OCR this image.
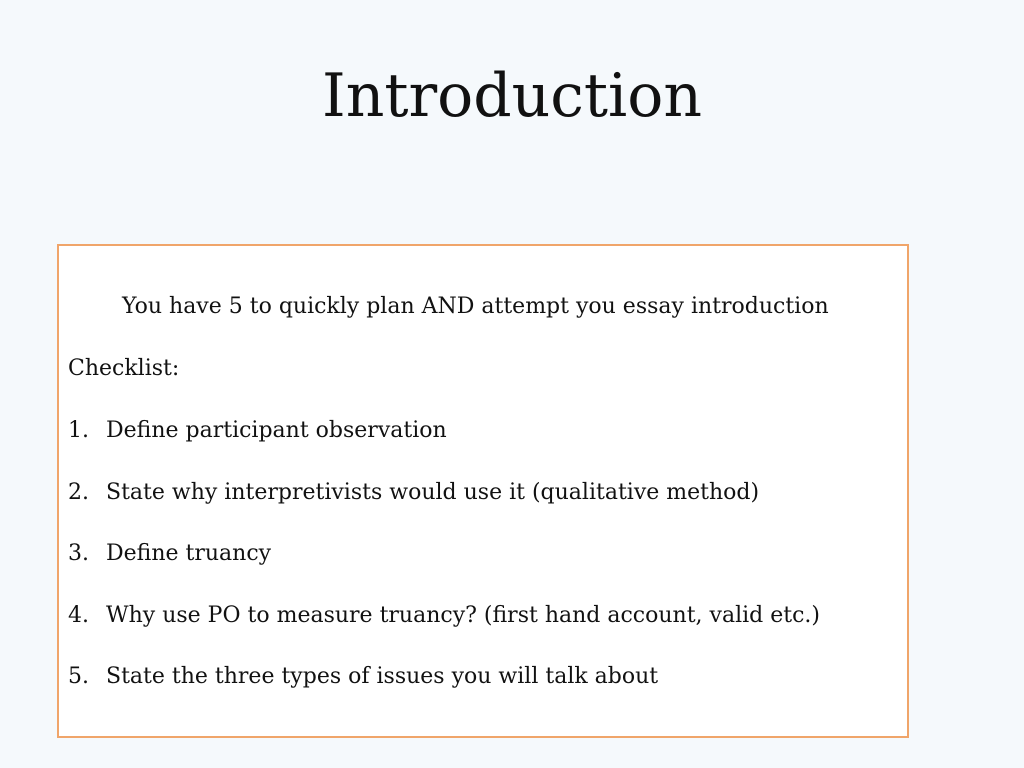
Introduction
You have 5 to quickly plan AND attempt you essay introduction
Checklist:
1. Define participant observation
2. State why interpretivists would use it (qualitative method)
3. Define truancy
4. Why use PO to measure truancy? (first hand account, valid etc.)
5. State the three types of issues you will talk about
